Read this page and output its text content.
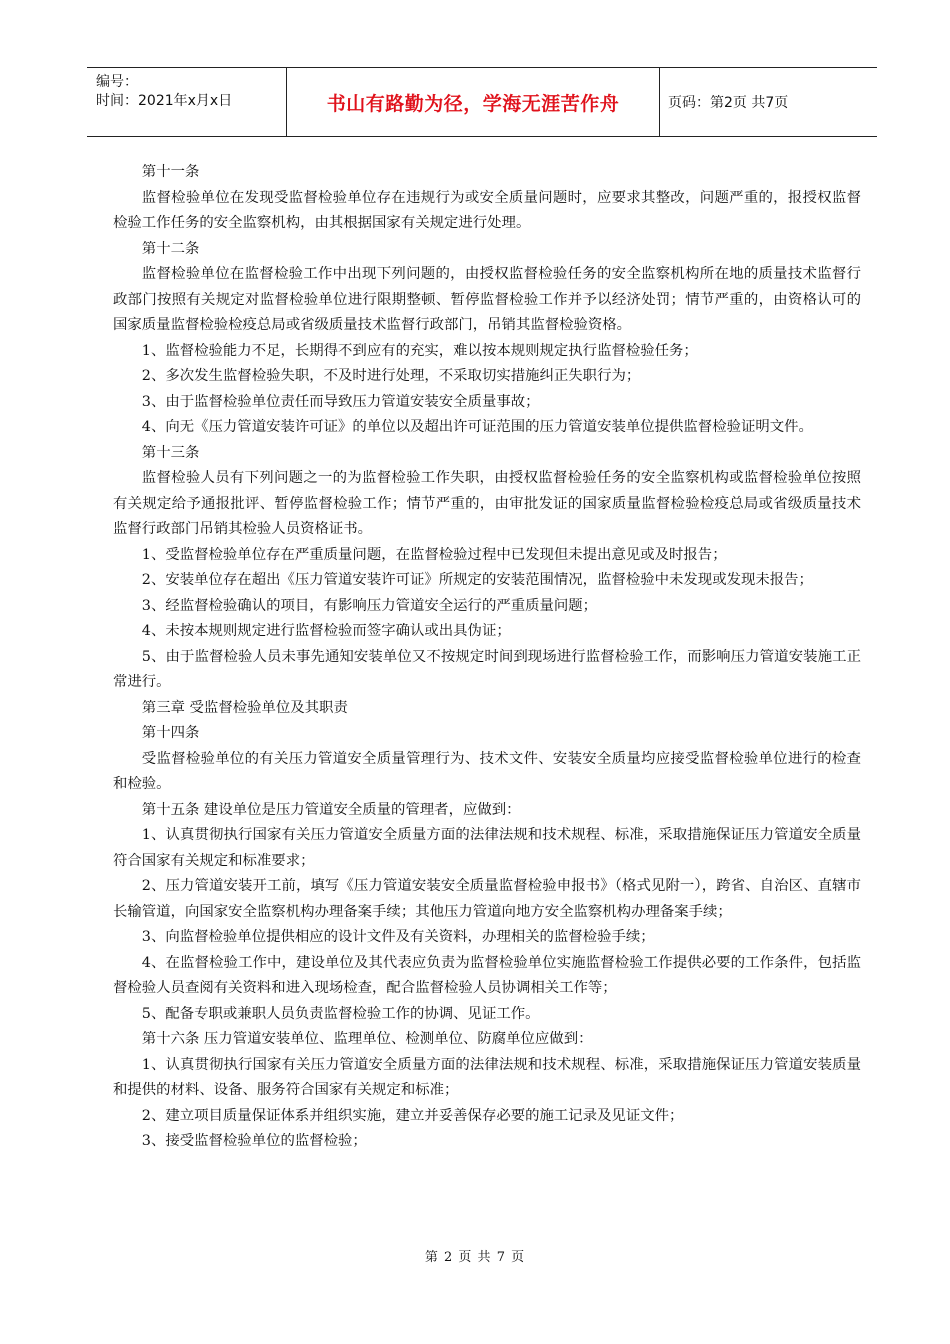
编号：
时间：2021年x月x日	书山有路勤为径，学海无涯苦作舟	页码：第2页 共7页

第十一条

监督检验单位在发现受监督检验单位存在违规行为或安全质量问题时，应要求其整改，问题严重的，报授权监督检验工作任务的安全监察机构，由其根据国家有关规定进行处理。

第十二条

监督检验单位在监督检验工作中出现下列问题的，由授权监督检验任务的安全监察机构所在地的质量技术监督行政部门按照有关规定对监督检验单位进行限期整顿、暂停监督检验工作并予以经济处罚；情节严重的，由资格认可的国家质量监督检验检疫总局或省级质量技术监督行政部门，吊销其监督检验资格。

1、监督检验能力不足，长期得不到应有的充实，难以按本规则规定执行监督检验任务；

2、多次发生监督检验失职，不及时进行处理，不采取切实措施纠正失职行为；

3、由于监督检验单位责任而导致压力管道安装安全质量事故；

4、向无《压力管道安装许可证》的单位以及超出许可证范围的压力管道安装单位提供监督检验证明文件。

第十三条

监督检验人员有下列问题之一的为监督检验工作失职，由授权监督检验任务的安全监察机构或监督检验单位按照有关规定给予通报批评、暂停监督检验工作；情节严重的，由审批发证的国家质量监督检验检疫总局或省级质量技术监督行政部门吊销其检验人员资格证书。

1、受监督检验单位存在严重质量问题，在监督检验过程中已发现但未提出意见或及时报告；

2、安装单位存在超出《压力管道安装许可证》所规定的安装范围情况，监督检验中未发现或发现未报告；

3、经监督检验确认的项目，有影响压力管道安全运行的严重质量问题；

4、未按本规则规定进行监督检验而签字确认或出具伪证；

5、由于监督检验人员未事先通知安装单位又不按规定时间到现场进行监督检验工作，而影响压力管道安装施工正常进行。

第三章 受监督检验单位及其职责

第十四条

受监督检验单位的有关压力管道安全质量管理行为、技术文件、安装安全质量均应接受监督检验单位进行的检查和检验。

第十五条 建设单位是压力管道安全质量的管理者，应做到：

1、认真贯彻执行国家有关压力管道安全质量方面的法律法规和技术规程、标准，采取措施保证压力管道安全质量符合国家有关规定和标准要求；

2、压力管道安装开工前，填写《压力管道安装安全质量监督检验申报书》（格式见附一），跨省、自治区、直辖市长输管道，向国家安全监察机构办理备案手续；其他压力管道向地方安全监察机构办理备案手续；

3、向监督检验单位提供相应的设计文件及有关资料，办理相关的监督检验手续；

4、在监督检验工作中，建设单位及其代表应负责为监督检验单位实施监督检验工作提供必要的工作条件，包括监督检验人员查阅有关资料和进入现场检查，配合监督检验人员协调相关工作等；

5、配备专职或兼职人员负责监督检验工作的协调、见证工作。

第十六条 压力管道安装单位、监理单位、检测单位、防腐单位应做到：

1、认真贯彻执行国家有关压力管道安全质量方面的法律法规和技术规程、标准，采取措施保证压力管道安装质量和提供的材料、设备、服务符合国家有关规定和标准；

2、建立项目质量保证体系并组织实施，建立并妥善保存必要的施工记录及见证文件；

3、接受监督检验单位的监督检验；

第 2 页 共 7 页
